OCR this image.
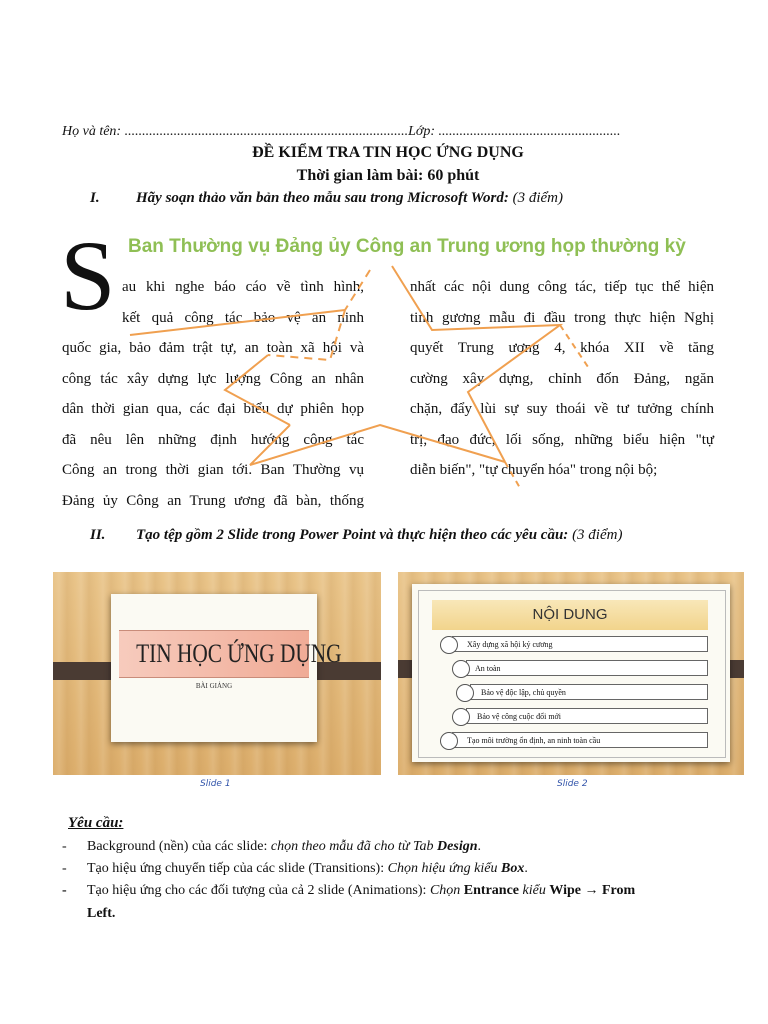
Họ và tên: .................................................................................Lớp: ....................................................
ĐỀ KIỂM TRA TIN HỌC ỨNG DỤNG
Thời gian làm bài: 60 phút
I. Hãy soạn thảo văn bản theo mẫu sau trong Microsoft Word: (3 điểm)
S Ban Thường vụ Đảng ủy Công an Trung ương họp thường kỳ
au khi nghe báo cáo về tình hình,
kết quả công tác bảo vệ an ninh
quốc gia, bảo đảm trật tự, an toàn xã hội và
công tác xây dựng lực lượng Công an nhân
dân thời gian qua, các đại biểu dự phiên họp
đã nêu lên những định hướng công tác
Công an trong thời gian tới. Ban Thường vụ
Đảng ủy Công an Trung ương đã bàn, thống
nhất các nội dung công tác, tiếp tục thể hiện
tinh gương mẫu đi đầu trong thực hiện Nghị
quyết Trung ương 4, khóa XII về tăng
cường xây dựng, chỉnh đốn Đảng, ngăn
chặn, đẩy lùi sự suy thoái về tư tưởng chính
trị, đạo đức, lối sống, những biểu hiện "tự
diễn biến", "tự chuyển hóa" trong nội bộ;
II. Tạo tệp gồm 2 Slide trong Power Point và thực hiện theo các yêu cầu: (3 điểm)
TIN HỌC ỨNG DỤNG
BÀI GIẢNG
Slide 1
NỘI DUNG
Xây dựng xã hội kỷ cương
An toàn
Bảo vệ độc lập, chủ quyền
Bảo vệ công cuộc đổi mới
Tạo môi trường ổn định, an ninh toàn cầu
Slide 2
Yêu cầu:
- Background (nền) của các slide: chọn theo mẫu đã cho từ Tab Design.
- Tạo hiệu ứng chuyển tiếp của các slide (Transitions): Chọn hiệu ứng kiểu Box.
- Tạo hiệu ứng cho các đối tượng của cả 2 slide (Animations): Chọn Entrance kiểu Wipe → From
Left.
